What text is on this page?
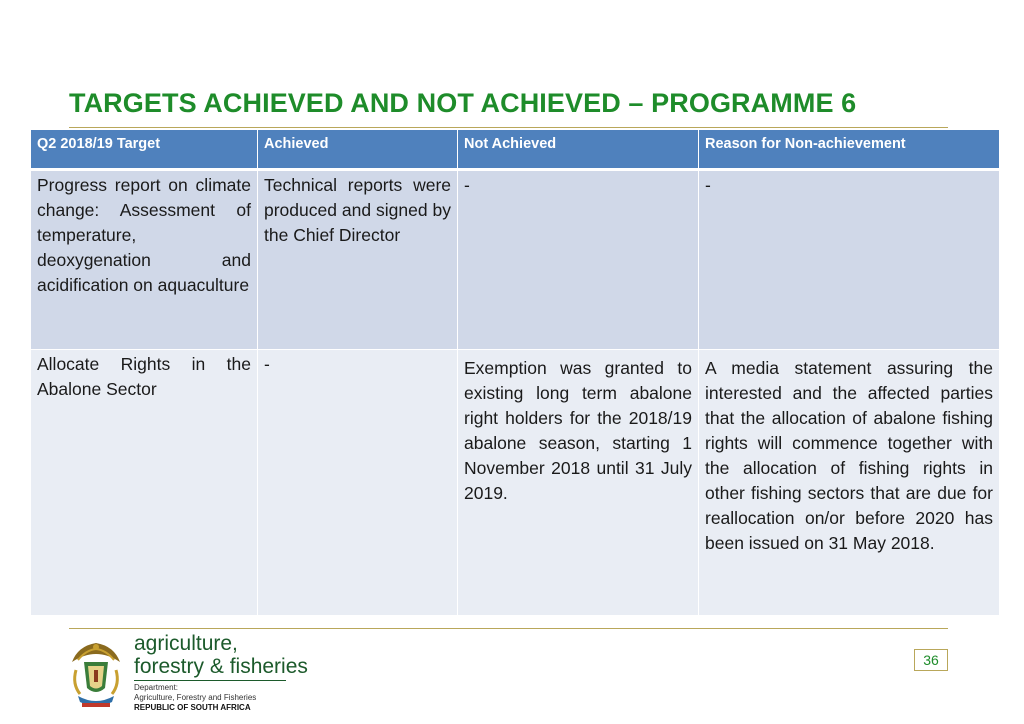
TARGETS ACHIEVED AND NOT ACHIEVED – PROGRAMME 6
Q2 2018/19 Target	Achieved	Not Achieved	Reason for Non-achievement
Progress report on climate change: Assessment of temperature, deoxygenation and acidification on aquaculture	Technical reports were produced and signed by the Chief Director	-	-
Allocate Rights in the Abalone Sector	-	Exemption was granted to existing long term abalone right holders for the 2018/19 abalone season, starting 1 November 2018 until 31 July 2019.	A media statement assuring the interested and the affected parties that the allocation of abalone fishing rights will commence together with the allocation of fishing rights in other fishing sectors that are due for reallocation on/or before 2020 has been issued on 31 May 2018.
agriculture,
forestry & fisheries
Department:
Agriculture, Forestry and Fisheries
REPUBLIC OF SOUTH AFRICA
36
